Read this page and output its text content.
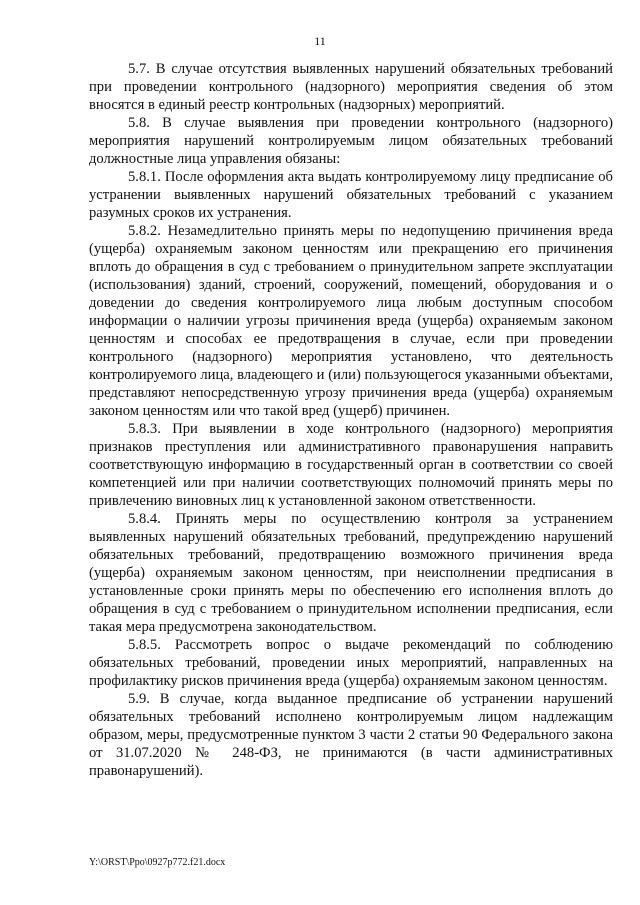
11

5.7. В случае отсутствия выявленных нарушений обязательных требований при проведении контрольного (надзорного) мероприятия сведения об этом вносятся в единый реестр контрольных (надзорных) мероприятий.

5.8. В случае выявления при проведении контрольного (надзорного) мероприятия нарушений контролируемым лицом обязательных требований должностные лица управления обязаны:

5.8.1. После оформления акта выдать контролируемому лицу предписание об устранении выявленных нарушений обязательных требований с указанием разумных сроков их устранения.

5.8.2. Незамедлительно принять меры по недопущению причинения вреда (ущерба) охраняемым законом ценностям или прекращению его причинения вплоть до обращения в суд с требованием о принудительном запрете эксплуатации (использования) зданий, строений, сооружений, помещений, оборудования и о доведении до сведения контролируемого лица любым доступным способом информации о наличии угрозы причинения вреда (ущерба) охраняемым законом ценностям и способах ее предотвращения в случае, если при проведении контрольного (надзорного) мероприятия установлено, что деятельность контролируемого лица, владеющего и (или) пользующегося указанными объектами, представляют непосредственную угрозу причинения вреда (ущерба) охраняемым законом ценностям или что такой вред (ущерб) причинен.

5.8.3. При выявлении в ходе контрольного (надзорного) мероприятия признаков преступления или административного правонарушения направить соответствующую информацию в государственный орган в соответствии со своей компетенцией или при наличии соответствующих полномочий принять меры по привлечению виновных лиц к установленной законом ответственности.

5.8.4. Принять меры по осуществлению контроля за устранением выявленных нарушений обязательных требований, предупреждению нарушений обязательных требований, предотвращению возможного причинения вреда (ущерба) охраняемым законом ценностям, при неисполнении предписания в установленные сроки принять меры по обеспечению его исполнения вплоть до обращения в суд с требованием о принудительном исполнении предписания, если такая мера предусмотрена законодательством.

5.8.5. Рассмотреть вопрос о выдаче рекомендаций по соблюдению обязательных требований, проведении иных мероприятий, направленных на профилактику рисков причинения вреда (ущерба) охраняемым законом ценностям.

5.9. В случае, когда выданное предписание об устранении нарушений обязательных требований исполнено контролируемым лицом надлежащим образом, меры, предусмотренные пунктом 3 части 2 статьи 90 Федерального закона от 31.07.2020 № 248-ФЗ, не принимаются (в части административных правонарушений).

Y:\ORST\Ppo\0927p772.f21.docx
